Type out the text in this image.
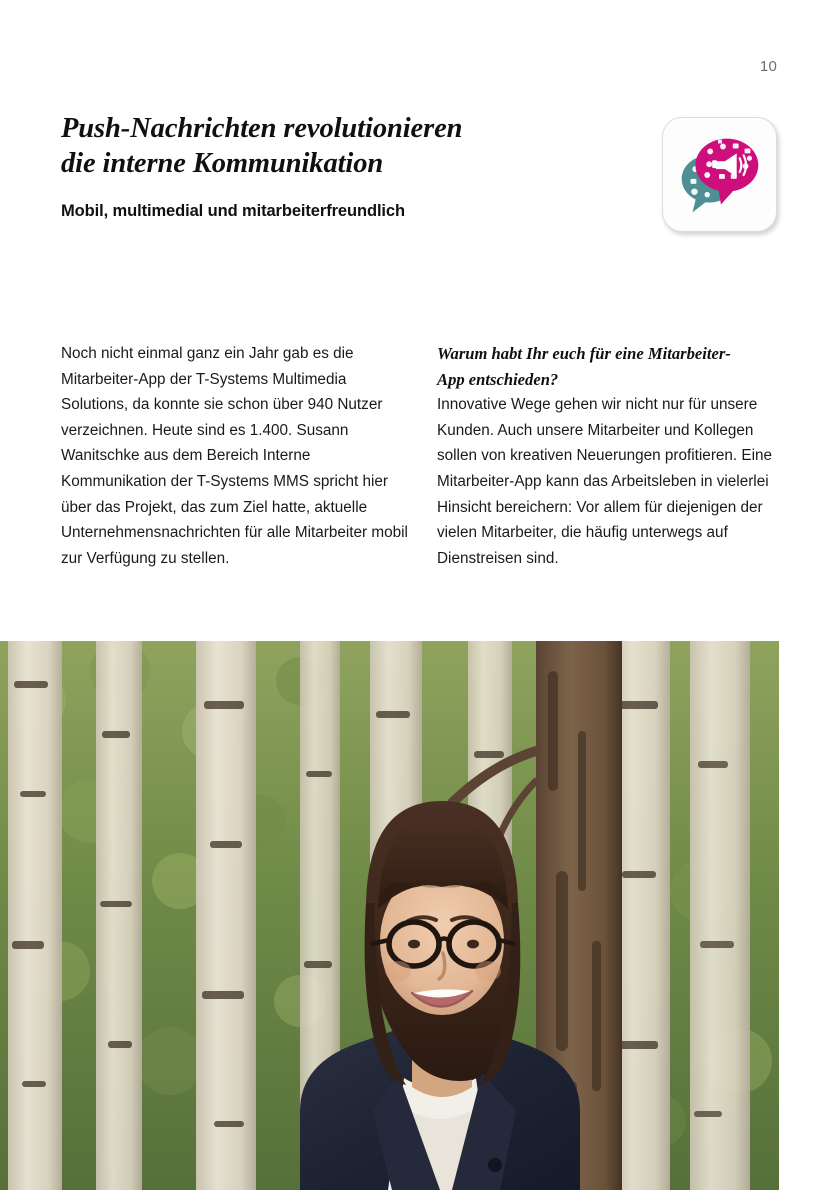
10
Push-Nachrichten revolutionieren
die interne Kommunikation
Mobil, multimedial und mitarbeiterfreundlich

Noch nicht einmal ganz ein Jahr gab es die Mitarbeiter-App der T-Systems Multimedia Solutions, da konnte sie schon über 940 Nutzer verzeichnen. Heute sind es 1.400. Susann Wanitschke aus dem Bereich Interne Kommunikation der T-Systems MMS spricht hier über das Projekt, das zum Ziel hatte, aktuelle Unternehmensnachrichten für alle Mitarbeiter mobil zur Verfügung zu stellen.

Warum habt Ihr euch für eine Mitarbeiter-
App entschieden?

Innovative Wege gehen wir nicht nur für unsere Kunden. Auch unsere Mitarbeiter und Kollegen sollen von kreativen Neuerungen profitieren. Eine Mitarbeiter-App kann das Arbeitsleben in vielerlei Hinsicht bereichern: Vor allem für diejenigen der vielen Mitarbeiter, die häufig unterwegs auf Dienstreisen sind.
